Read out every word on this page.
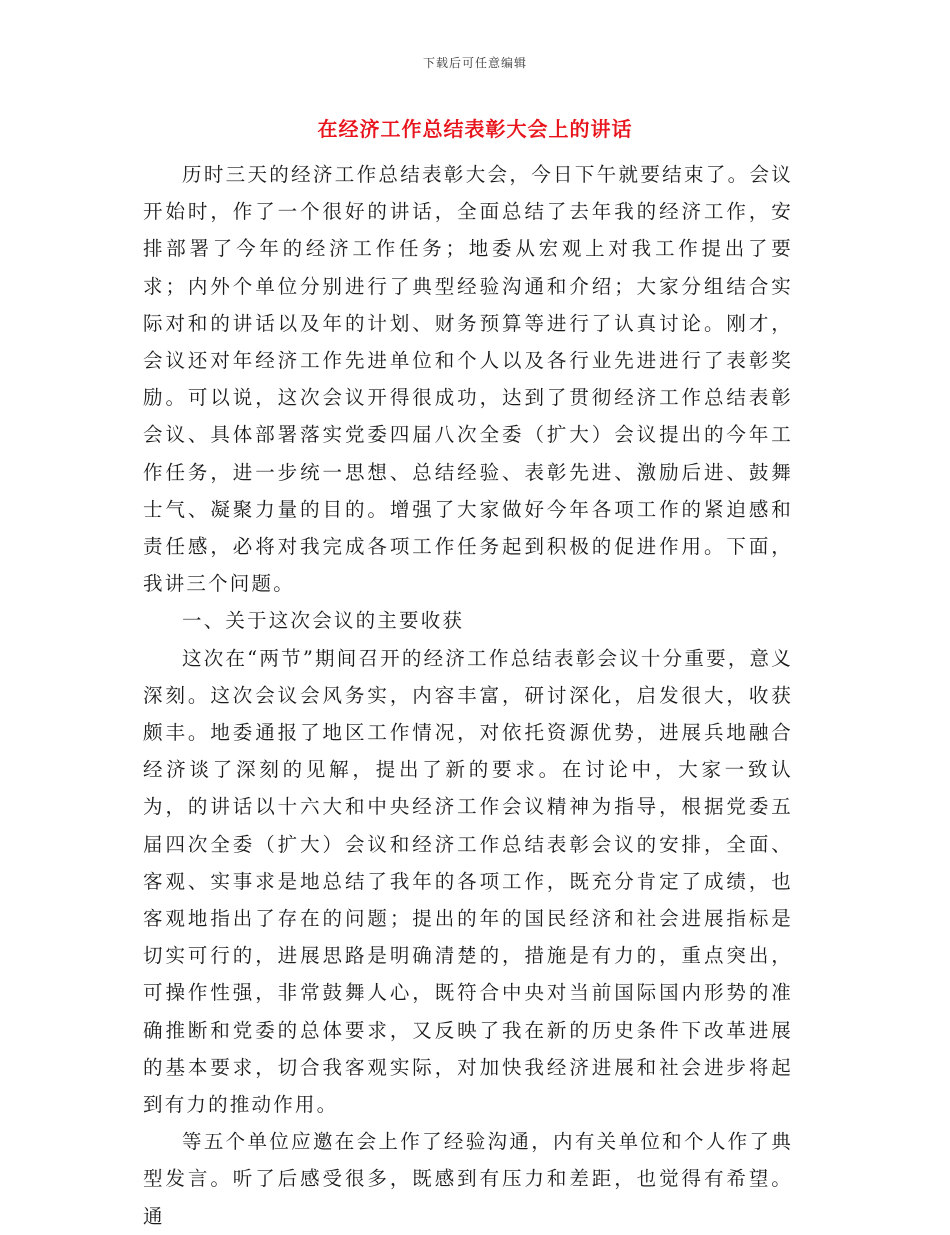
下载后可任意编辑
在经济工作总结表彰大会上的讲话

历时三天的经济工作总结表彰大会，今日下午就要结束了。会议开始时，作了一个很好的讲话，全面总结了去年我的经济工作，安排部署了今年的经济工作任务；地委从宏观上对我工作提出了要求；内外个单位分别进行了典型经验沟通和介绍；大家分组结合实际对和的讲话以及年的计划、财务预算等进行了认真讨论。刚才，会议还对年经济工作先进单位和个人以及各行业先进进行了表彰奖励。可以说，这次会议开得很成功，达到了贯彻经济工作总结表彰会议、具体部署落实党委四届八次全委（扩大）会议提出的今年工作任务，进一步统一思想、总结经验、表彰先进、激励后进、鼓舞士气、凝聚力量的目的。增强了大家做好今年各项工作的紧迫感和责任感，必将对我完成各项工作任务起到积极的促进作用。下面，我讲三个问题。

一、关于这次会议的主要收获

这次在“两节”期间召开的经济工作总结表彰会议十分重要，意义深刻。这次会议会风务实，内容丰富，研讨深化，启发很大，收获颇丰。地委通报了地区工作情况，对依托资源优势，进展兵地融合经济谈了深刻的见解，提出了新的要求。在讨论中，大家一致认为，的讲话以十六大和中央经济工作会议精神为指导，根据党委五届四次全委（扩大）会议和经济工作总结表彰会议的安排，全面、客观、实事求是地总结了我年的各项工作，既充分肯定了成绩，也客观地指出了存在的问题；提出的年的国民经济和社会进展指标是切实可行的，进展思路是明确清楚的，措施是有力的，重点突出，可操作性强，非常鼓舞人心，既符合中央对当前国际国内形势的准确推断和党委的总体要求，又反映了我在新的历史条件下改革进展的基本要求，切合我客观实际，对加快我经济进展和社会进步将起到有力的推动作用。

等五个单位应邀在会上作了经验沟通，内有关单位和个人作了典型发言。听了后感受很多，既感到有压力和差距，也觉得有希望。通
